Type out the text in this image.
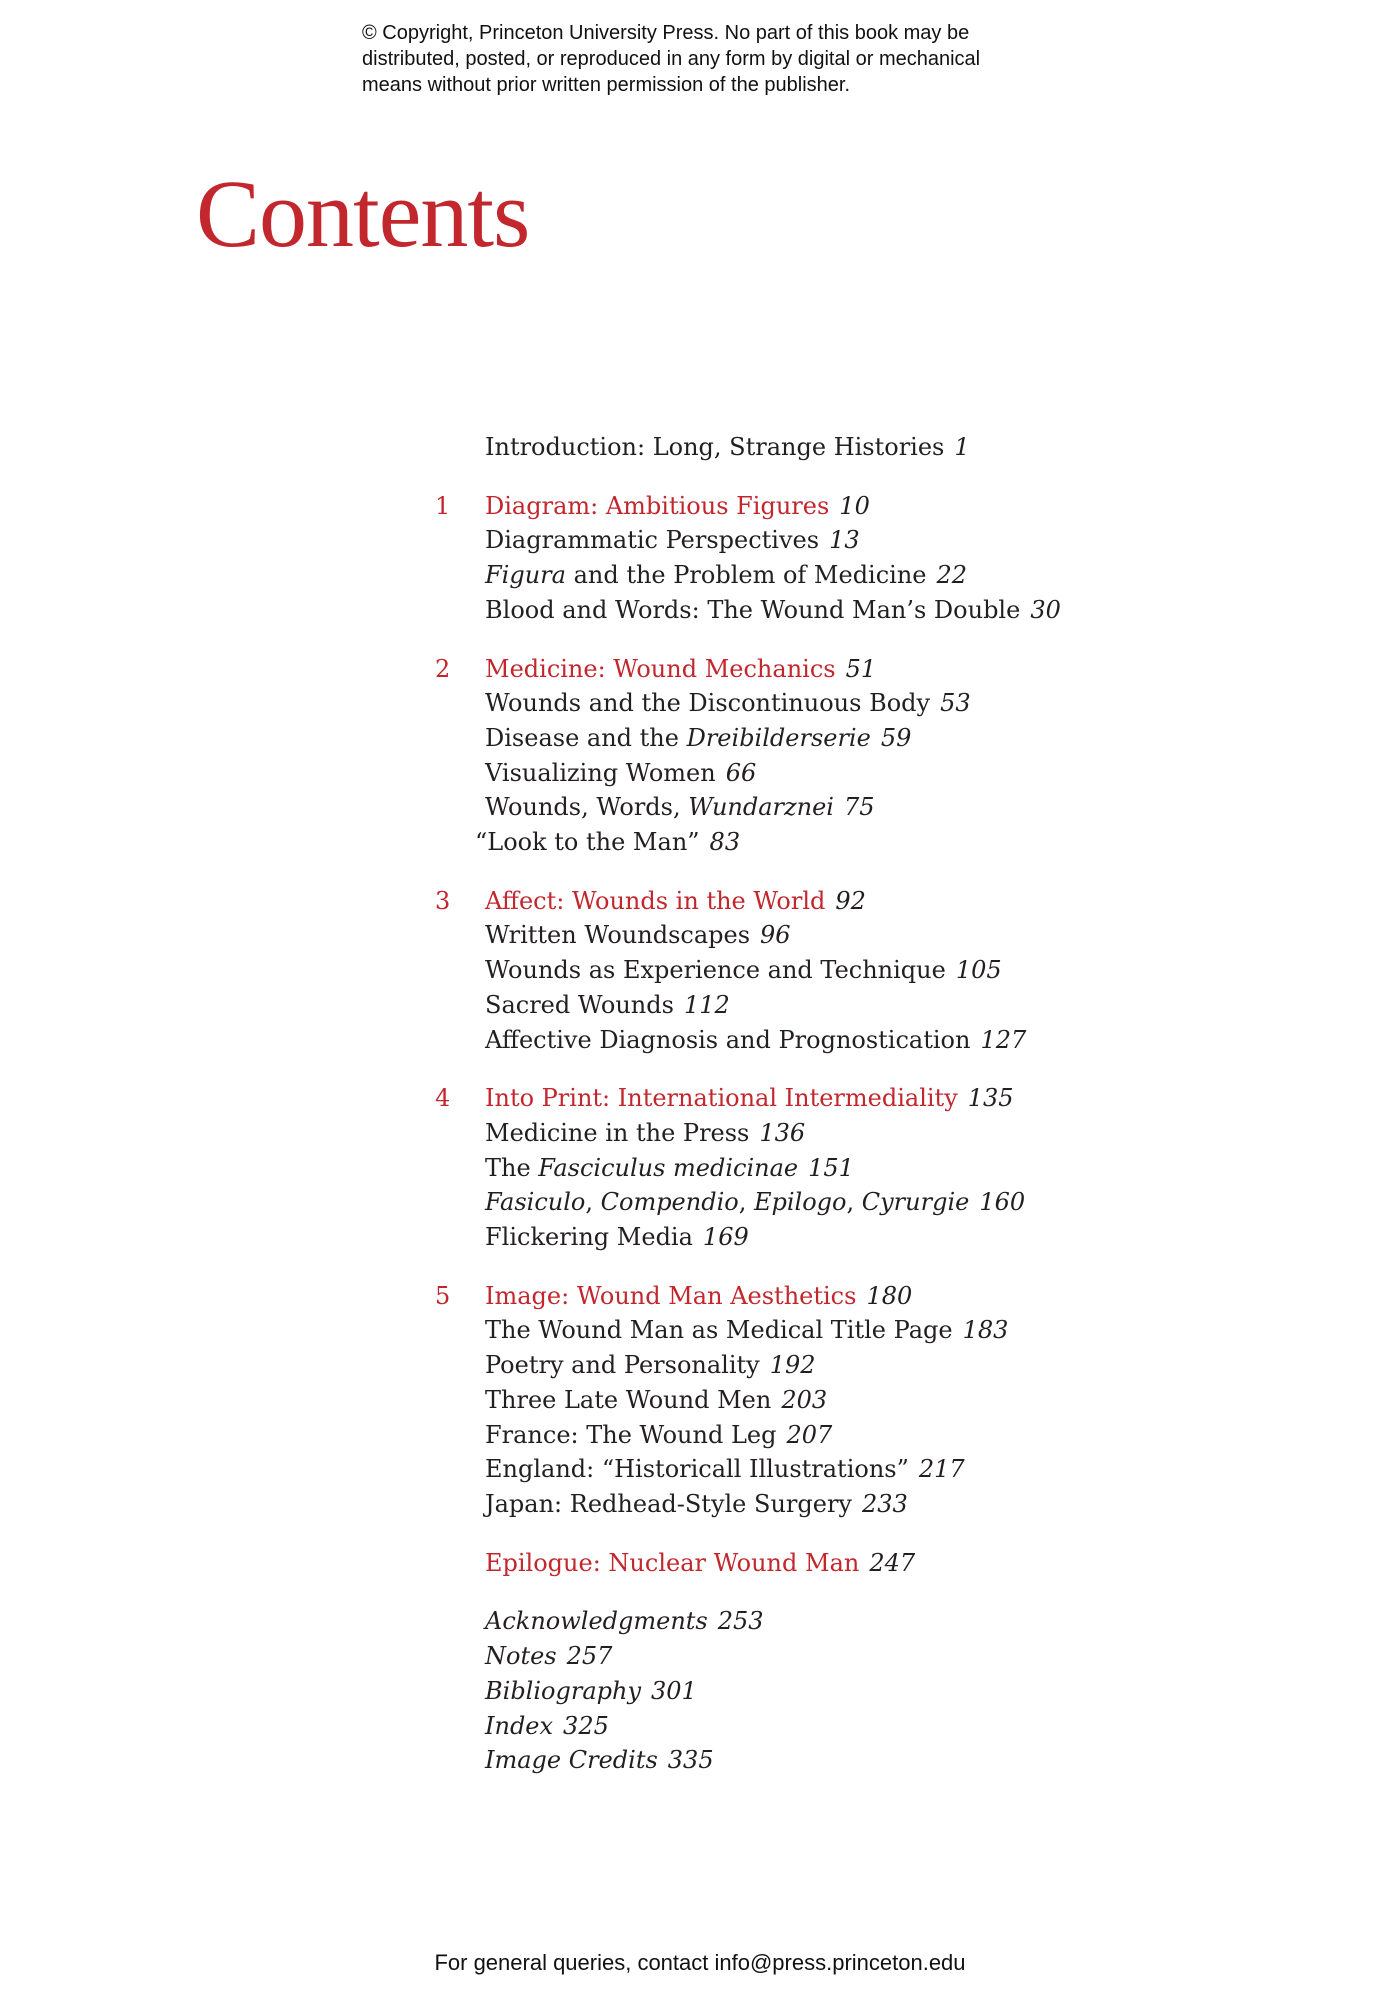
© Copyright, Princeton University Press. No part of this book may be
distributed, posted, or reproduced in any form by digital or mechanical
means without prior written permission of the publisher.
Contents
Introduction: Long, Strange Histories 1
1 Diagram: Ambitious Figures 10
Diagrammatic Perspectives 13
Figura and the Problem of Medicine 22
Blood and Words: The Wound Man’s Double 30
2 Medicine: Wound Mechanics 51
Wounds and the Discontinuous Body 53
Disease and the Dreibilderserie 59
Visualizing Women 66
Wounds, Words, Wundarznei 75
“Look to the Man” 83
3 Affect: Wounds in the World 92
Written Woundscapes 96
Wounds as Experience and Technique 105
Sacred Wounds 112
Affective Diagnosis and Prognostication 127
4 Into Print: International Intermediality 135
Medicine in the Press 136
The Fasciculus medicinae 151
Fasiculo, Compendio, Epilogo, Cyrurgie 160
Flickering Media 169
5 Image: Wound Man Aesthetics 180
The Wound Man as Medical Title Page 183
Poetry and Personality 192
Three Late Wound Men 203
France: The Wound Leg 207
England: “Historicall Illustrations” 217
Japan: Redhead-Style Surgery 233
Epilogue: Nuclear Wound Man 247
Acknowledgments 253
Notes 257
Bibliography 301
Index 325
Image Credits 335
For general queries, contact info@press.princeton.edu
